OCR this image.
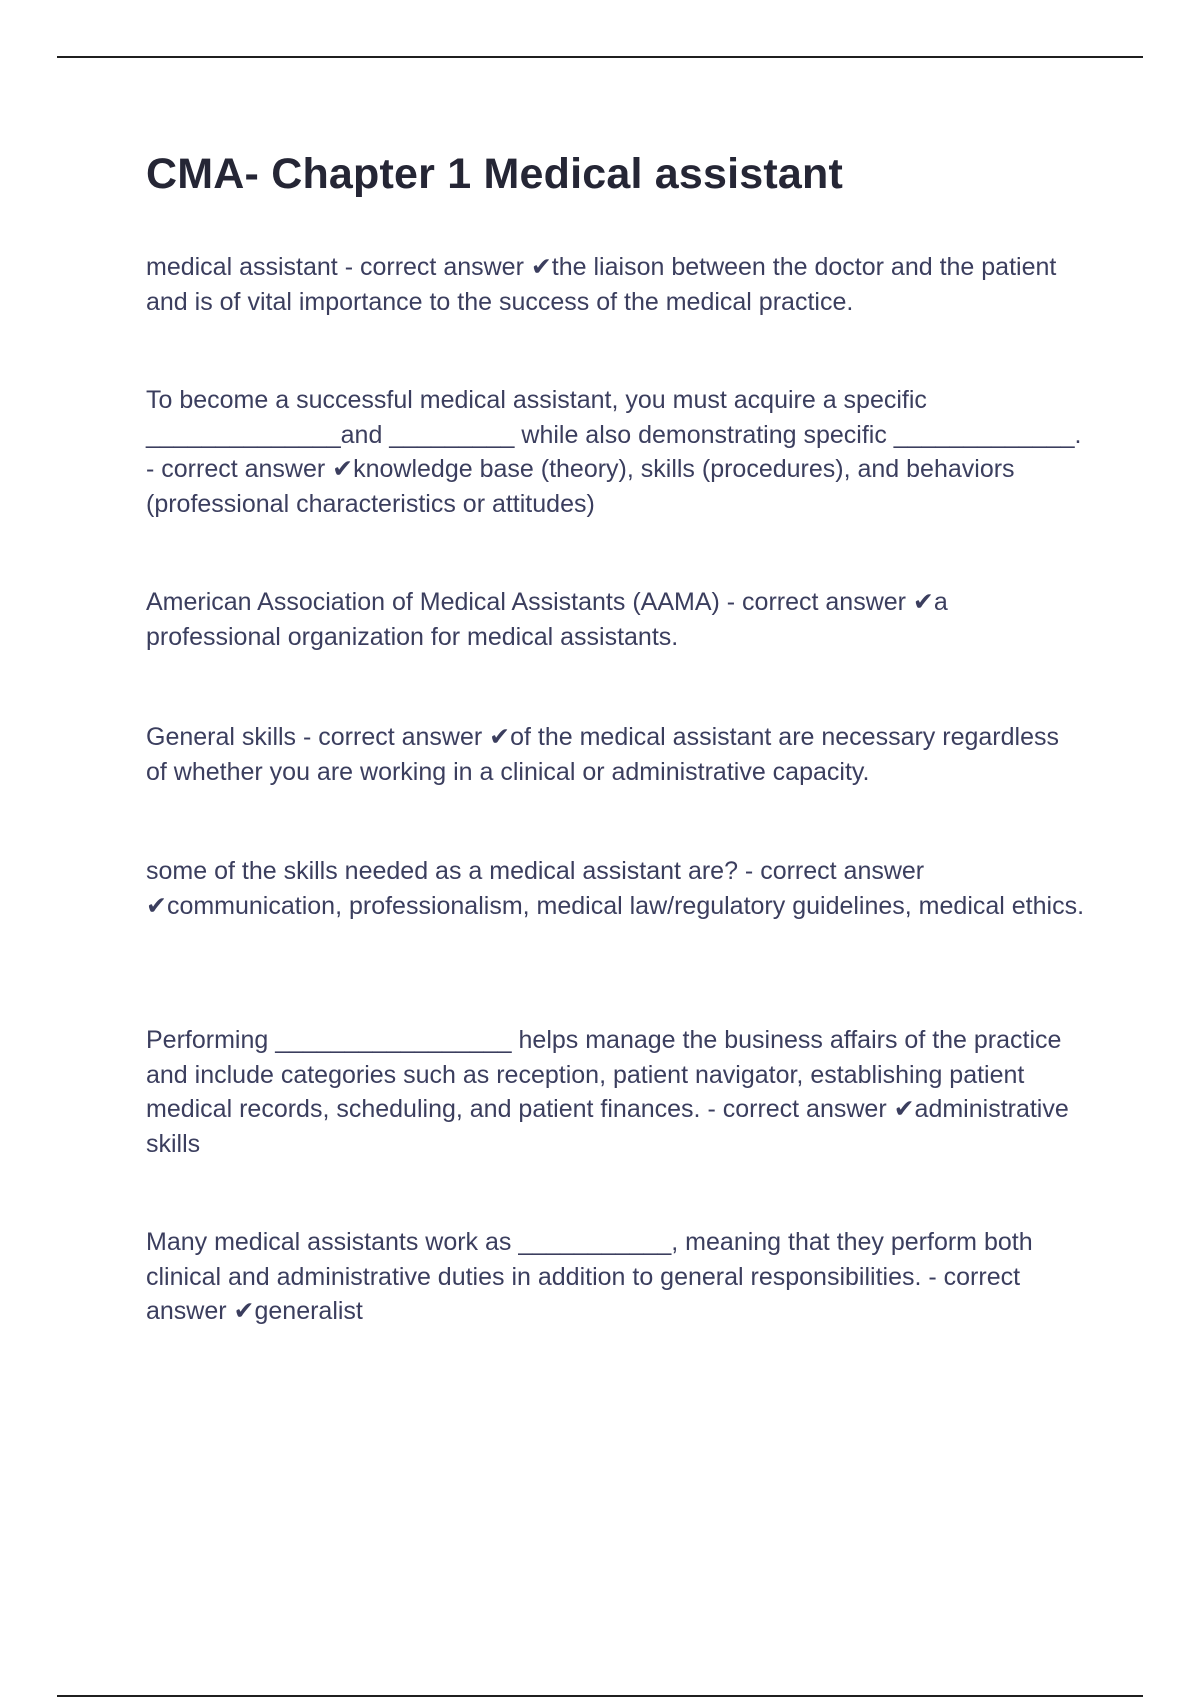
CMA- Chapter 1 Medical assistant

medical assistant - correct answer ✔the liaison between the doctor and the patient and is of vital importance to the success of the medical practice.

To become a successful medical assistant, you must acquire a specific ______________and _________ while also demonstrating specific _____________. - correct answer ✔knowledge base (theory), skills (procedures), and behaviors (professional characteristics or attitudes)

American Association of Medical Assistants (AAMA) - correct answer ✔a professional organization for medical assistants.

General skills - correct answer ✔of the medical assistant are necessary regardless of whether you are working in a clinical or administrative capacity.

some of the skills needed as a medical assistant are? - correct answer ✔communication, professionalism, medical law/regulatory guidelines, medical ethics.

Performing _________________ helps manage the business affairs of the practice and include categories such as reception, patient navigator, establishing patient medical records, scheduling, and patient finances. - correct answer ✔administrative skills

Many medical assistants work as ___________, meaning that they perform both clinical and administrative duties in addition to general responsibilities. - correct answer ✔generalist
